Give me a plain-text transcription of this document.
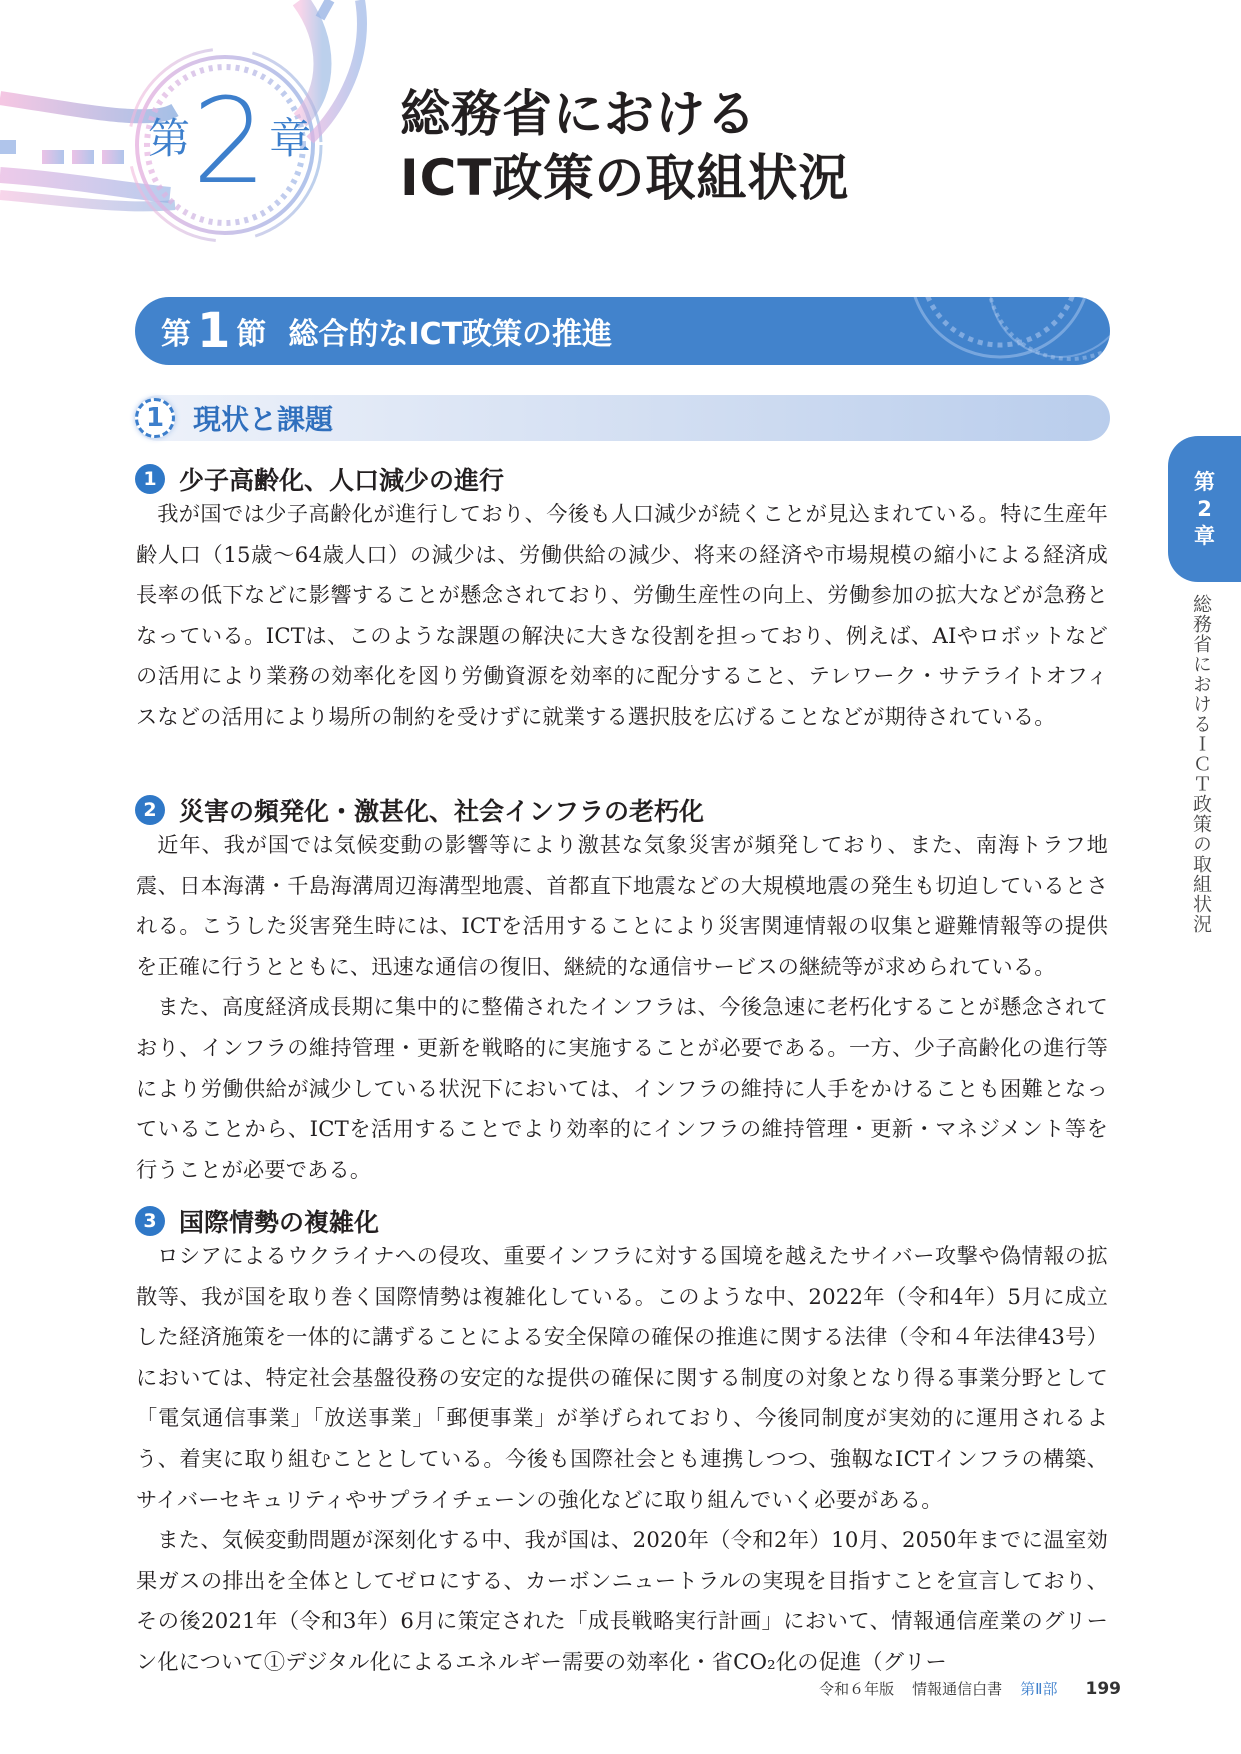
第 2 章 総務省における
ICT政策の取組状況
第 1 節 総合的なICT政策の推進
1	現状と課題
1 少子高齢化、人口減少の進行

我が国では少子高齢化が進行しており、今後も人口減少が続くことが見込まれている。特に生産年齢人口（15歳～64歳人口）の減少は、労働供給の減少、将来の経済や市場規模の縮小による経済成長率の低下などに影響することが懸念されており、労働生産性の向上、労働参加の拡大などが急務となっている。ICTは、このような課題の解決に大きな役割を担っており、例えば、AIやロボットなどの活用により業務の効率化を図り労働資源を効率的に配分すること、テレワーク・サテライトオフィスなどの活用により場所の制約を受けずに就業する選択肢を広げることなどが期待されている。

2 災害の頻発化・激甚化、社会インフラの老朽化

近年、我が国では気候変動の影響等により激甚な気象災害が頻発しており、また、南海トラフ地震、日本海溝・千島海溝周辺海溝型地震、首都直下地震などの大規模地震の発生も切迫しているとされる。こうした災害発生時には、ICTを活用することにより災害関連情報の収集と避難情報等の提供を正確に行うとともに、迅速な通信の復旧、継続的な通信サービスの継続等が求められている。

また、高度経済成長期に集中的に整備されたインフラは、今後急速に老朽化することが懸念されており、インフラの維持管理・更新を戦略的に実施することが必要である。一方、少子高齢化の進行等により労働供給が減少している状況下においては、インフラの維持に人手をかけることも困難となっていることから、ICTを活用することでより効率的にインフラの維持管理・更新・マネジメント等を行うことが必要である。

3 国際情勢の複雑化

ロシアによるウクライナへの侵攻、重要インフラに対する国境を越えたサイバー攻撃や偽情報の拡散等、我が国を取り巻く国際情勢は複雑化している。このような中、2022年（令和4年）5月に成立した経済施策を一体的に講ずることによる安全保障の確保の推進に関する法律（令和４年法律43号）においては、特定社会基盤役務の安定的な提供の確保に関する制度の対象となり得る事業分野として「電気通信事業」「放送事業」「郵便事業」が挙げられており、今後同制度が実効的に運用されるよう、着実に取り組むこととしている。今後も国際社会とも連携しつつ、強靱なICTインフラの構築、サイバーセキュリティやサプライチェーンの強化などに取り組んでいく必要がある。

また、気候変動問題が深刻化する中、我が国は、2020年（令和2年）10月、2050年までに温室効果ガスの排出を全体としてゼロにする、カーボンニュートラルの実現を目指すことを宣言しており、その後2021年（令和3年）6月に策定された「成長戦略実行計画」において、情報通信産業のグリーン化について①デジタル化によるエネルギー需要の効率化・省CO₂化の促進（グリー

第
2
章
総務省におけるＩＣＴ政策の取組状況
令和６年版 情報通信白書 第Ⅱ部 199
